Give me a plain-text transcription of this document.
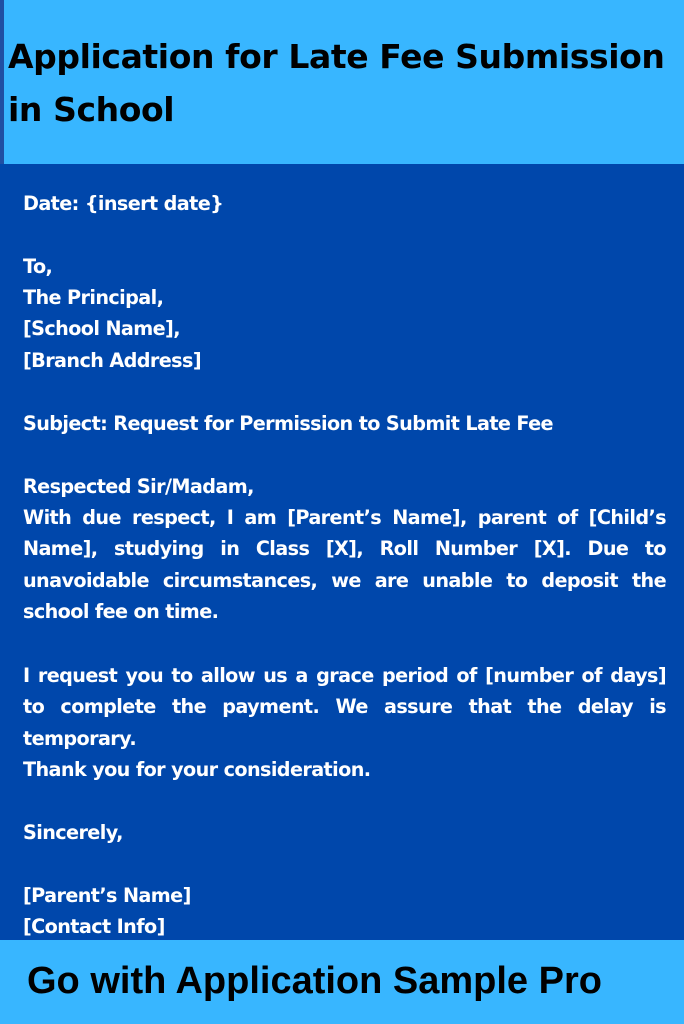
Application for Late Fee Submission in School

Date: {insert date}

To,

The Principal,

[School Name],

[Branch Address]

Subject: Request for Permission to Submit Late Fee

Respected Sir/Madam,

With due respect, I am [Parent’s Name], parent of [Child’s Name], studying in Class [X], Roll Number [X]. Due to unavoidable circumstances, we are unable to deposit the school fee on time.

I request you to allow us a grace period of [number of days] to complete the payment. We assure that the delay is temporary.

Thank you for your consideration.

Sincerely,

[Parent’s Name]

[Contact Info]

Go with Application Sample Pro
